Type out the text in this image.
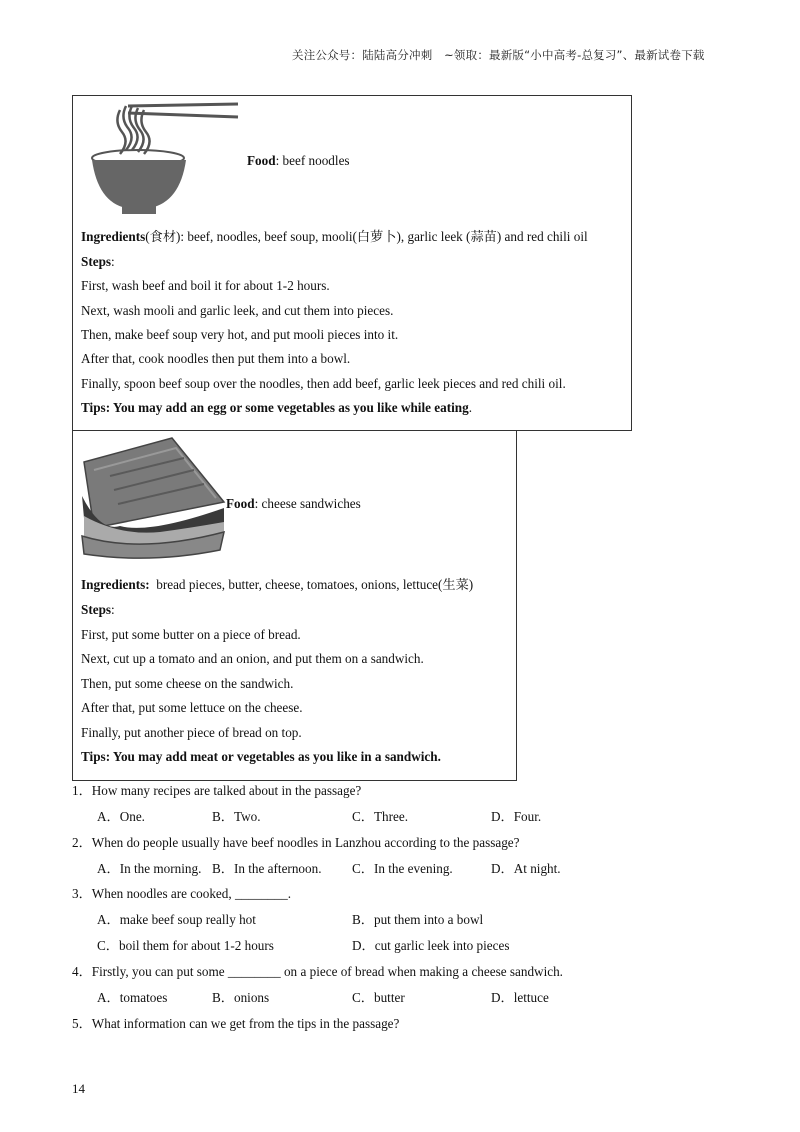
关注公众号：陆陆高分冲刺　~领取：最新版“小中高考-总复习”、最新试卷下载
Food: beef noodles
Ingredients(食材): beef, noodles, beef soup, mooli(白萝卜), garlic leek (蒜苗) and red chili oil
Steps:
First, wash beef and boil it for about 1-2 hours.
Next, wash mooli and garlic leek, and cut them into pieces.
Then, make beef soup very hot, and put mooli pieces into it.
After that, cook noodles then put them into a bowl.
Finally, spoon beef soup over the noodles, then add beef, garlic leek pieces and red chili oil.
Tips: You may add an egg or some vegetables as you like while eating.
Food: cheese sandwiches
Ingredients:  bread pieces, butter, cheese, tomatoes, onions, lettuce(生菜)
Steps:
First, put some butter on a piece of bread.
Next, cut up a tomato and an onion, and put them on a sandwich.
Then, put some cheese on the sandwich.
After that, put some lettuce on the cheese.
Finally, put another piece of bread on top.
Tips: You may add meat or vegetables as you like in a sandwich.
1．How many recipes are talked about in the passage?
A．One.	B．Two.	C．Three.	D．Four.
2．When do people usually have beef noodles in Lanzhou according to the passage?
A．In the morning. B．In the afternoon. C．In the evening.	D．At night.
3．When noodles are cooked, ________.
A．make beef soup really hot	B．put them into a bowl
C．boil them for about 1-2 hours	D．cut garlic leek into pieces
4．Firstly, you can put some ________ on a piece of bread when making a cheese sandwich.
A．tomatoes	B．onions	C．butter	D．lettuce
5．What information can we get from the tips in the passage?
14
